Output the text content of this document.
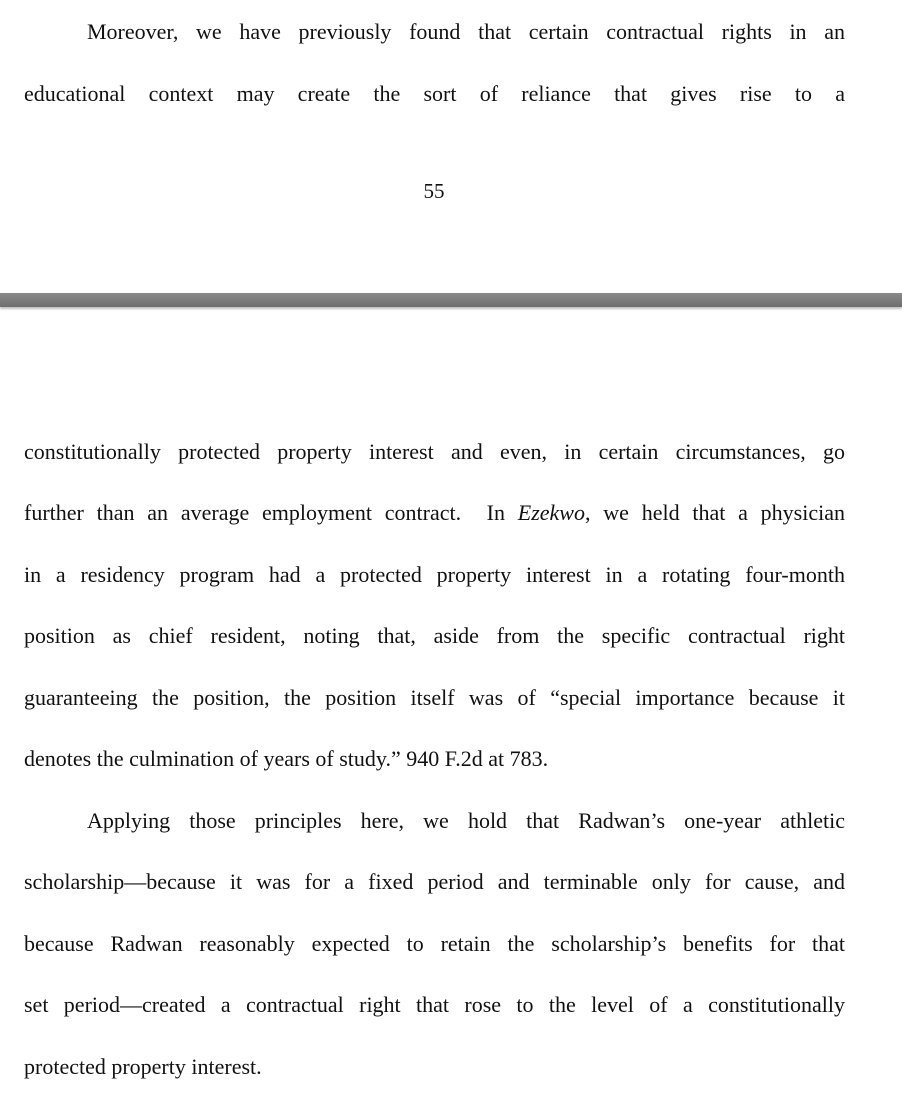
Moreover, we have previously found that certain contractual rights in an
educational context may create the sort of reliance that gives rise to a
55
constitutionally protected property interest and even, in certain circumstances, go
further than an average employment contract. In Ezekwo, we held that a physician
in a residency program had a protected property interest in a rotating four-month
position as chief resident, noting that, aside from the specific contractual right
guaranteeing the position, the position itself was of “special importance because it
denotes the culmination of years of study.” 940 F.2d at 783.
Applying those principles here, we hold that Radwan’s one-year athletic
scholarship—because it was for a fixed period and terminable only for cause, and
because Radwan reasonably expected to retain the scholarship’s benefits for that
set period—created a contractual right that rose to the level of a constitutionally
protected property interest.
